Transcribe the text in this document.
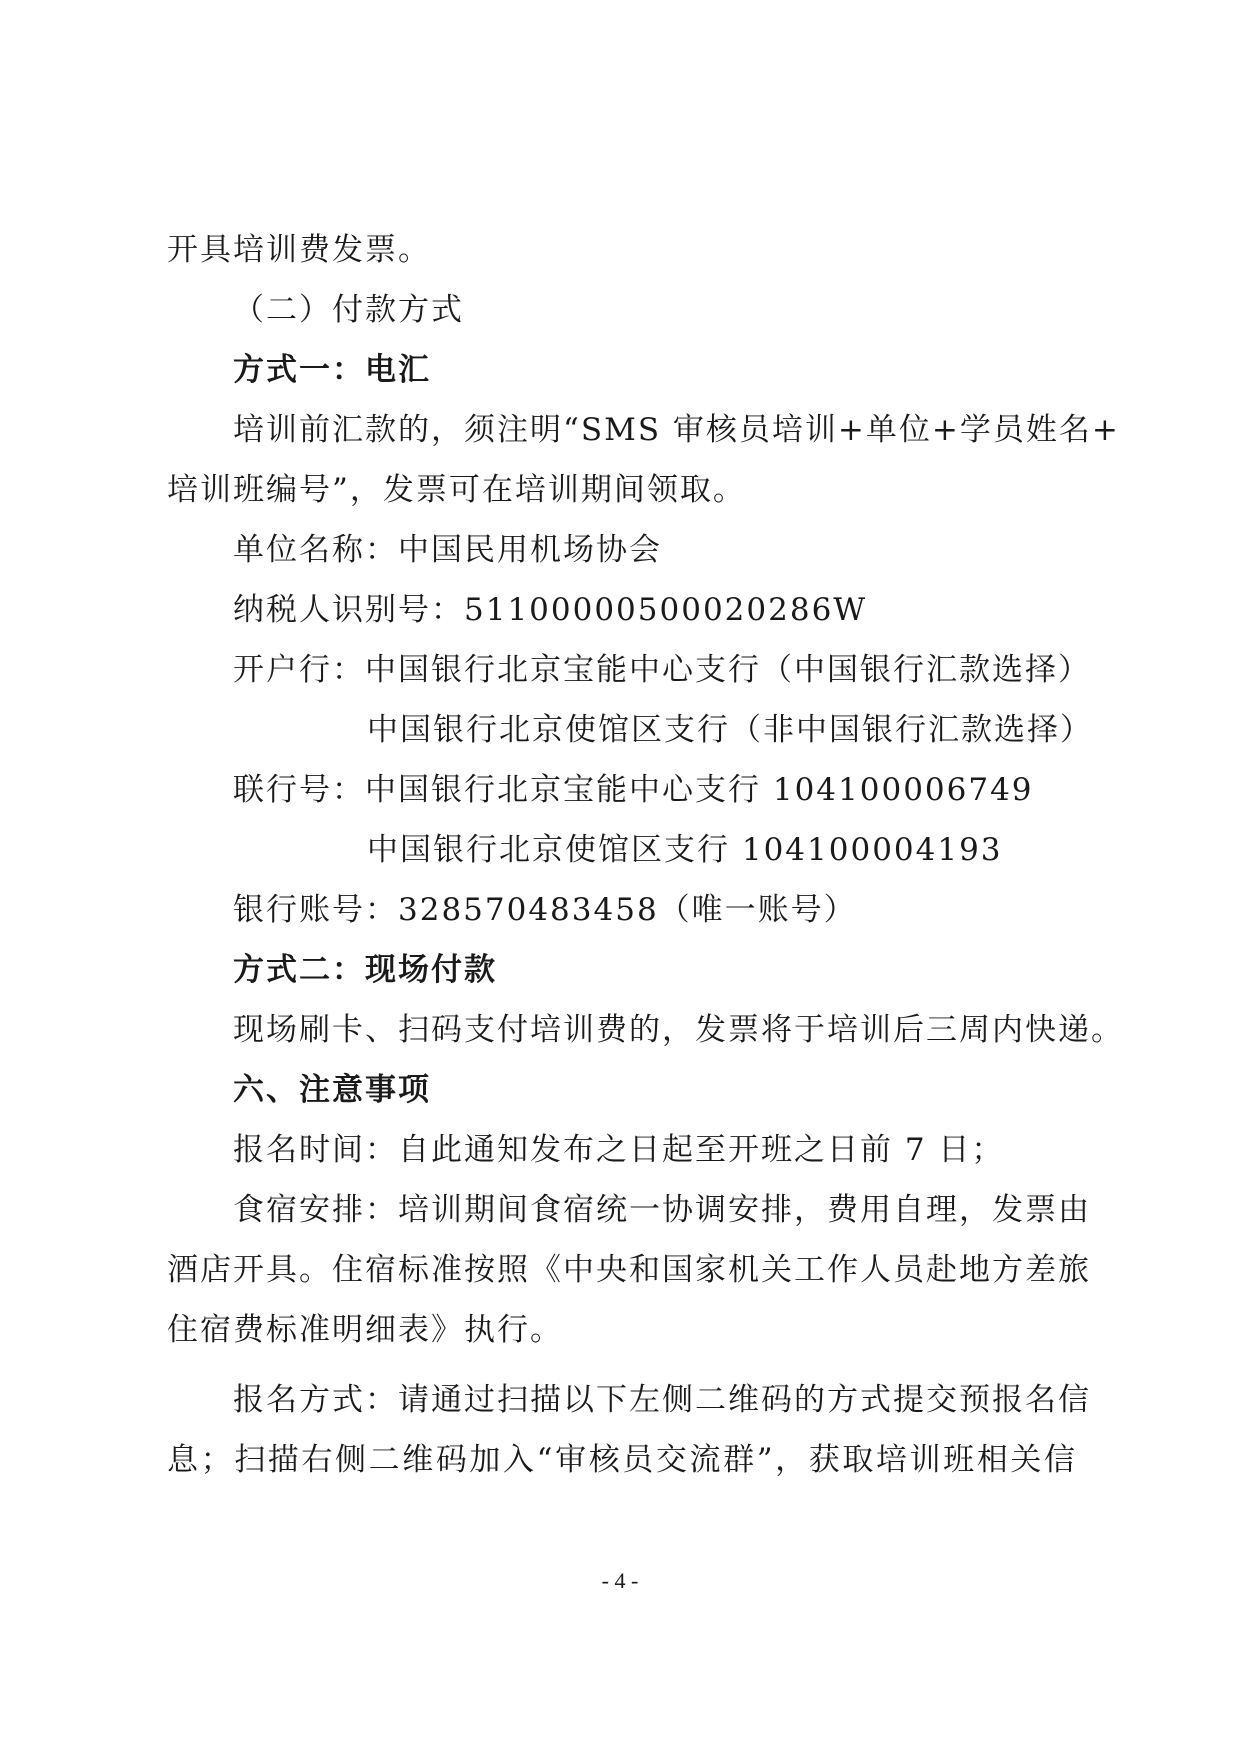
开具培训费发票。
（二）付款方式
方式一：电汇
培训前汇款的，须注明“SMS 审核员培训+单位+学员姓名+
培训班编号”，发票可在培训期间领取。
单位名称：中国民用机场协会
纳税人识别号：51100000500020286W
开户行：中国银行北京宝能中心支行（中国银行汇款选择）
中国银行北京使馆区支行（非中国银行汇款选择）
联行号：中国银行北京宝能中心支行 104100006749
中国银行北京使馆区支行 104100004193
银行账号：328570483458（唯一账号）
方式二：现场付款
现场刷卡、扫码支付培训费的，发票将于培训后三周内快递。
六、注意事项
报名时间：自此通知发布之日起至开班之日前 7 日；
食宿安排：培训期间食宿统一协调安排，费用自理，发票由
酒店开具。住宿标准按照《中央和国家机关工作人员赴地方差旅
住宿费标准明细表》执行。
报名方式：请通过扫描以下左侧二维码的方式提交预报名信
息；扫描右侧二维码加入“审核员交流群”，获取培训班相关信
- 4 -
